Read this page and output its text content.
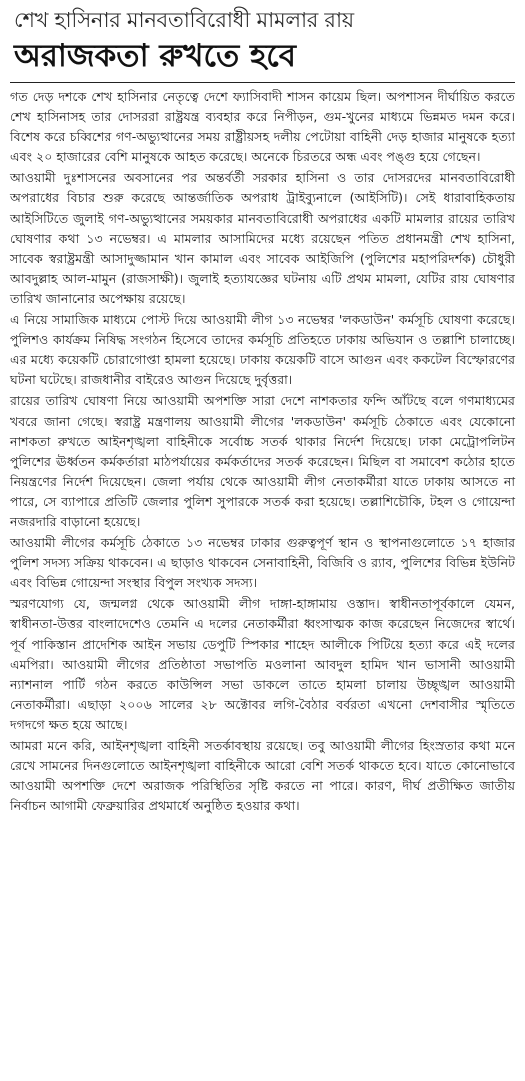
শেখ হাসিনার মানবতাবিরোধী মামলার রায়
অরাজকতা রুখতে হবে
গত দেড় দশকে শেখ হাসিনার নেতৃত্বে দেশে ফ্যাসিবাদী শাসন কায়েম ছিল। অপশাসন দীর্ঘায়িত করতে শেখ হাসিনাসহ তার দোসররা রাষ্ট্রযন্ত্র ব্যবহার করে নিপীড়ন, গুম-খুনের মাধ্যমে ভিন্নমত দমন করে। বিশেষ করে চব্বিশের গণ-অভ্যুত্থানের সময় রাষ্ট্রীয়সহ দলীয় পেটোয়া বাহিনী দেড় হাজার মানুষকে হত্যা এবং ২০ হাজারের বেশি মানুষকে আহত করেছে। অনেকে চিরতরে অন্ধ এবং পঙ্গু হয়ে গেছেন।
আওয়ামী দুঃশাসনের অবসানের পর অন্তর্বর্তী সরকার হাসিনা ও তার দোসরদের মানবতাবিরোধী অপরাধের বিচার শুরু করেছে আন্তর্জাতিক অপরাধ ট্রাইব্যুনালে (আইসিটি)। সেই ধারাবাহিকতায় আইসিটিতে জুলাই গণ-অভ্যুত্থানের সময়কার মানবতাবিরোধী অপরাধের একটি মামলার রায়ের তারিখ ঘোষণার কথা ১৩ নভেম্বর। এ মামলার আসামিদের মধ্যে রয়েছেন পতিত প্রধানমন্ত্রী শেখ হাসিনা, সাবেক স্বরাষ্ট্রমন্ত্রী আসাদুজ্জামান খান কামাল এবং সাবেক আইজিপি (পুলিশের মহাপরিদর্শক) চৌধুরী আবদুল্লাহ আল-মামুন (রাজসাক্ষী)। জুলাই হত্যাযজ্ঞের ঘটনায় এটি প্রথম মামলা, যেটির রায় ঘোষণার তারিখ জানানোর অপেক্ষায় রয়েছে।
এ নিয়ে সামাজিক মাধ্যমে পোস্ট দিয়ে আওয়ামী লীগ ১৩ নভেম্বর 'লকডাউন' কর্মসূচি ঘোষণা করেছে। পুলিশও কার্যক্রম নিষিদ্ধ সংগঠন হিসেবে তাদের কর্মসূচি প্রতিহতে ঢাকায় অভিযান ও তল্লাশি চালাচ্ছে। এর মধ্যে কয়েকটি চোরাগোপ্তা হামলা হয়েছে। ঢাকায় কয়েকটি বাসে আগুন এবং ককটেল বিস্ফোরণের ঘটনা ঘটেছে। রাজধানীর বাইরেও আগুন দিয়েছে দুর্বৃত্তরা।
রায়ের তারিখ ঘোষণা নিয়ে আওয়ামী অপশক্তি সারা দেশে নাশকতার ফন্দি আঁটছে বলে গণমাধ্যমের খবরে জানা গেছে। স্বরাষ্ট্র মন্ত্রণালয় আওয়ামী লীগের 'লকডাউন' কর্মসূচি ঠেকাতে এবং যেকোনো নাশকতা রুখতে আইনশৃঙ্খলা বাহিনীকে সর্বোচ্চ সতর্ক থাকার নির্দেশ দিয়েছে। ঢাকা মেট্রোপলিটন পুলিশের ঊর্ধ্বতন কর্মকর্তারা মাঠপর্যায়ের কর্মকর্তাদের সতর্ক করেছেন। মিছিল বা সমাবেশ কঠোর হাতে নিয়ন্ত্রণের নির্দেশ দিয়েছেন। জেলা পর্যায় থেকে আওয়ামী লীগ নেতাকর্মীরা যাতে ঢাকায় আসতে না পারে, সে ব্যাপারে প্রতিটি জেলার পুলিশ সুপারকে সতর্ক করা হয়েছে। তল্লাশিচৌকি, টহল ও গোয়েন্দা নজরদারি বাড়ানো হয়েছে।
আওয়ামী লীগের কর্মসূচি ঠেকাতে ১৩ নভেম্বর ঢাকার গুরুত্বপূর্ণ স্থান ও স্থাপনাগুলোতে ১৭ হাজার পুলিশ সদস্য সক্রিয় থাকবেন। এ ছাড়াও থাকবেন সেনাবাহিনী, বিজিবি ও র‍্যাব, পুলিশের বিভিন্ন ইউনিট এবং বিভিন্ন গোয়েন্দা সংস্থার বিপুল সংখ্যক সদস্য।
স্মরণযোগ্য যে, জন্মলগ্ন থেকে আওয়ামী লীগ দাঙ্গা-হাঙ্গামায় ওস্তাদ। স্বাধীনতাপূর্বকালে যেমন, স্বাধীনতা-উত্তর বাংলাদেশেও তেমনি এ দলের নেতাকর্মীরা ধ্বংসাত্মক কাজ করেছেন নিজেদের স্বার্থে। পূর্ব পাকিস্তান প্রাদেশিক আইন সভায় ডেপুটি স্পিকার শাহেদ আলীকে পিটিয়ে হত্যা করে এই দলের এমপিরা। আওয়ামী লীগের প্রতিষ্ঠাতা সভাপতি মওলানা আবদুল হামিদ খান ভাসানী আওয়ামী ন্যাশনাল পার্টি গঠন করতে কাউন্সিল সভা ডাকলে তাতে হামলা চালায় উচ্ছৃঙ্খল আওয়ামী নেতাকর্মীরা। এছাড়া ২০০৬ সালের ২৮ অক্টোবর লগি-বৈঠার বর্বরতা এখনো দেশবাসীর স্মৃতিতে দগদগে ক্ষত হয়ে আছে।
আমরা মনে করি, আইনশৃঙ্খলা বাহিনী সতর্কাবস্থায় রয়েছে। তবু আওয়ামী লীগের হিংস্রতার কথা মনে রেখে সামনের দিনগুলোতে আইনশৃঙ্খলা বাহিনীকে আরো বেশি সতর্ক থাকতে হবে। যাতে কোনোভাবে আওয়ামী অপশক্তি দেশে অরাজক পরিস্থিতির সৃষ্টি করতে না পারে। কারণ, দীর্ঘ প্রতীক্ষিত জাতীয় নির্বাচন আগামী ফেব্রুয়ারির প্রথমার্ধে অনুষ্ঠিত হওয়ার কথা।
